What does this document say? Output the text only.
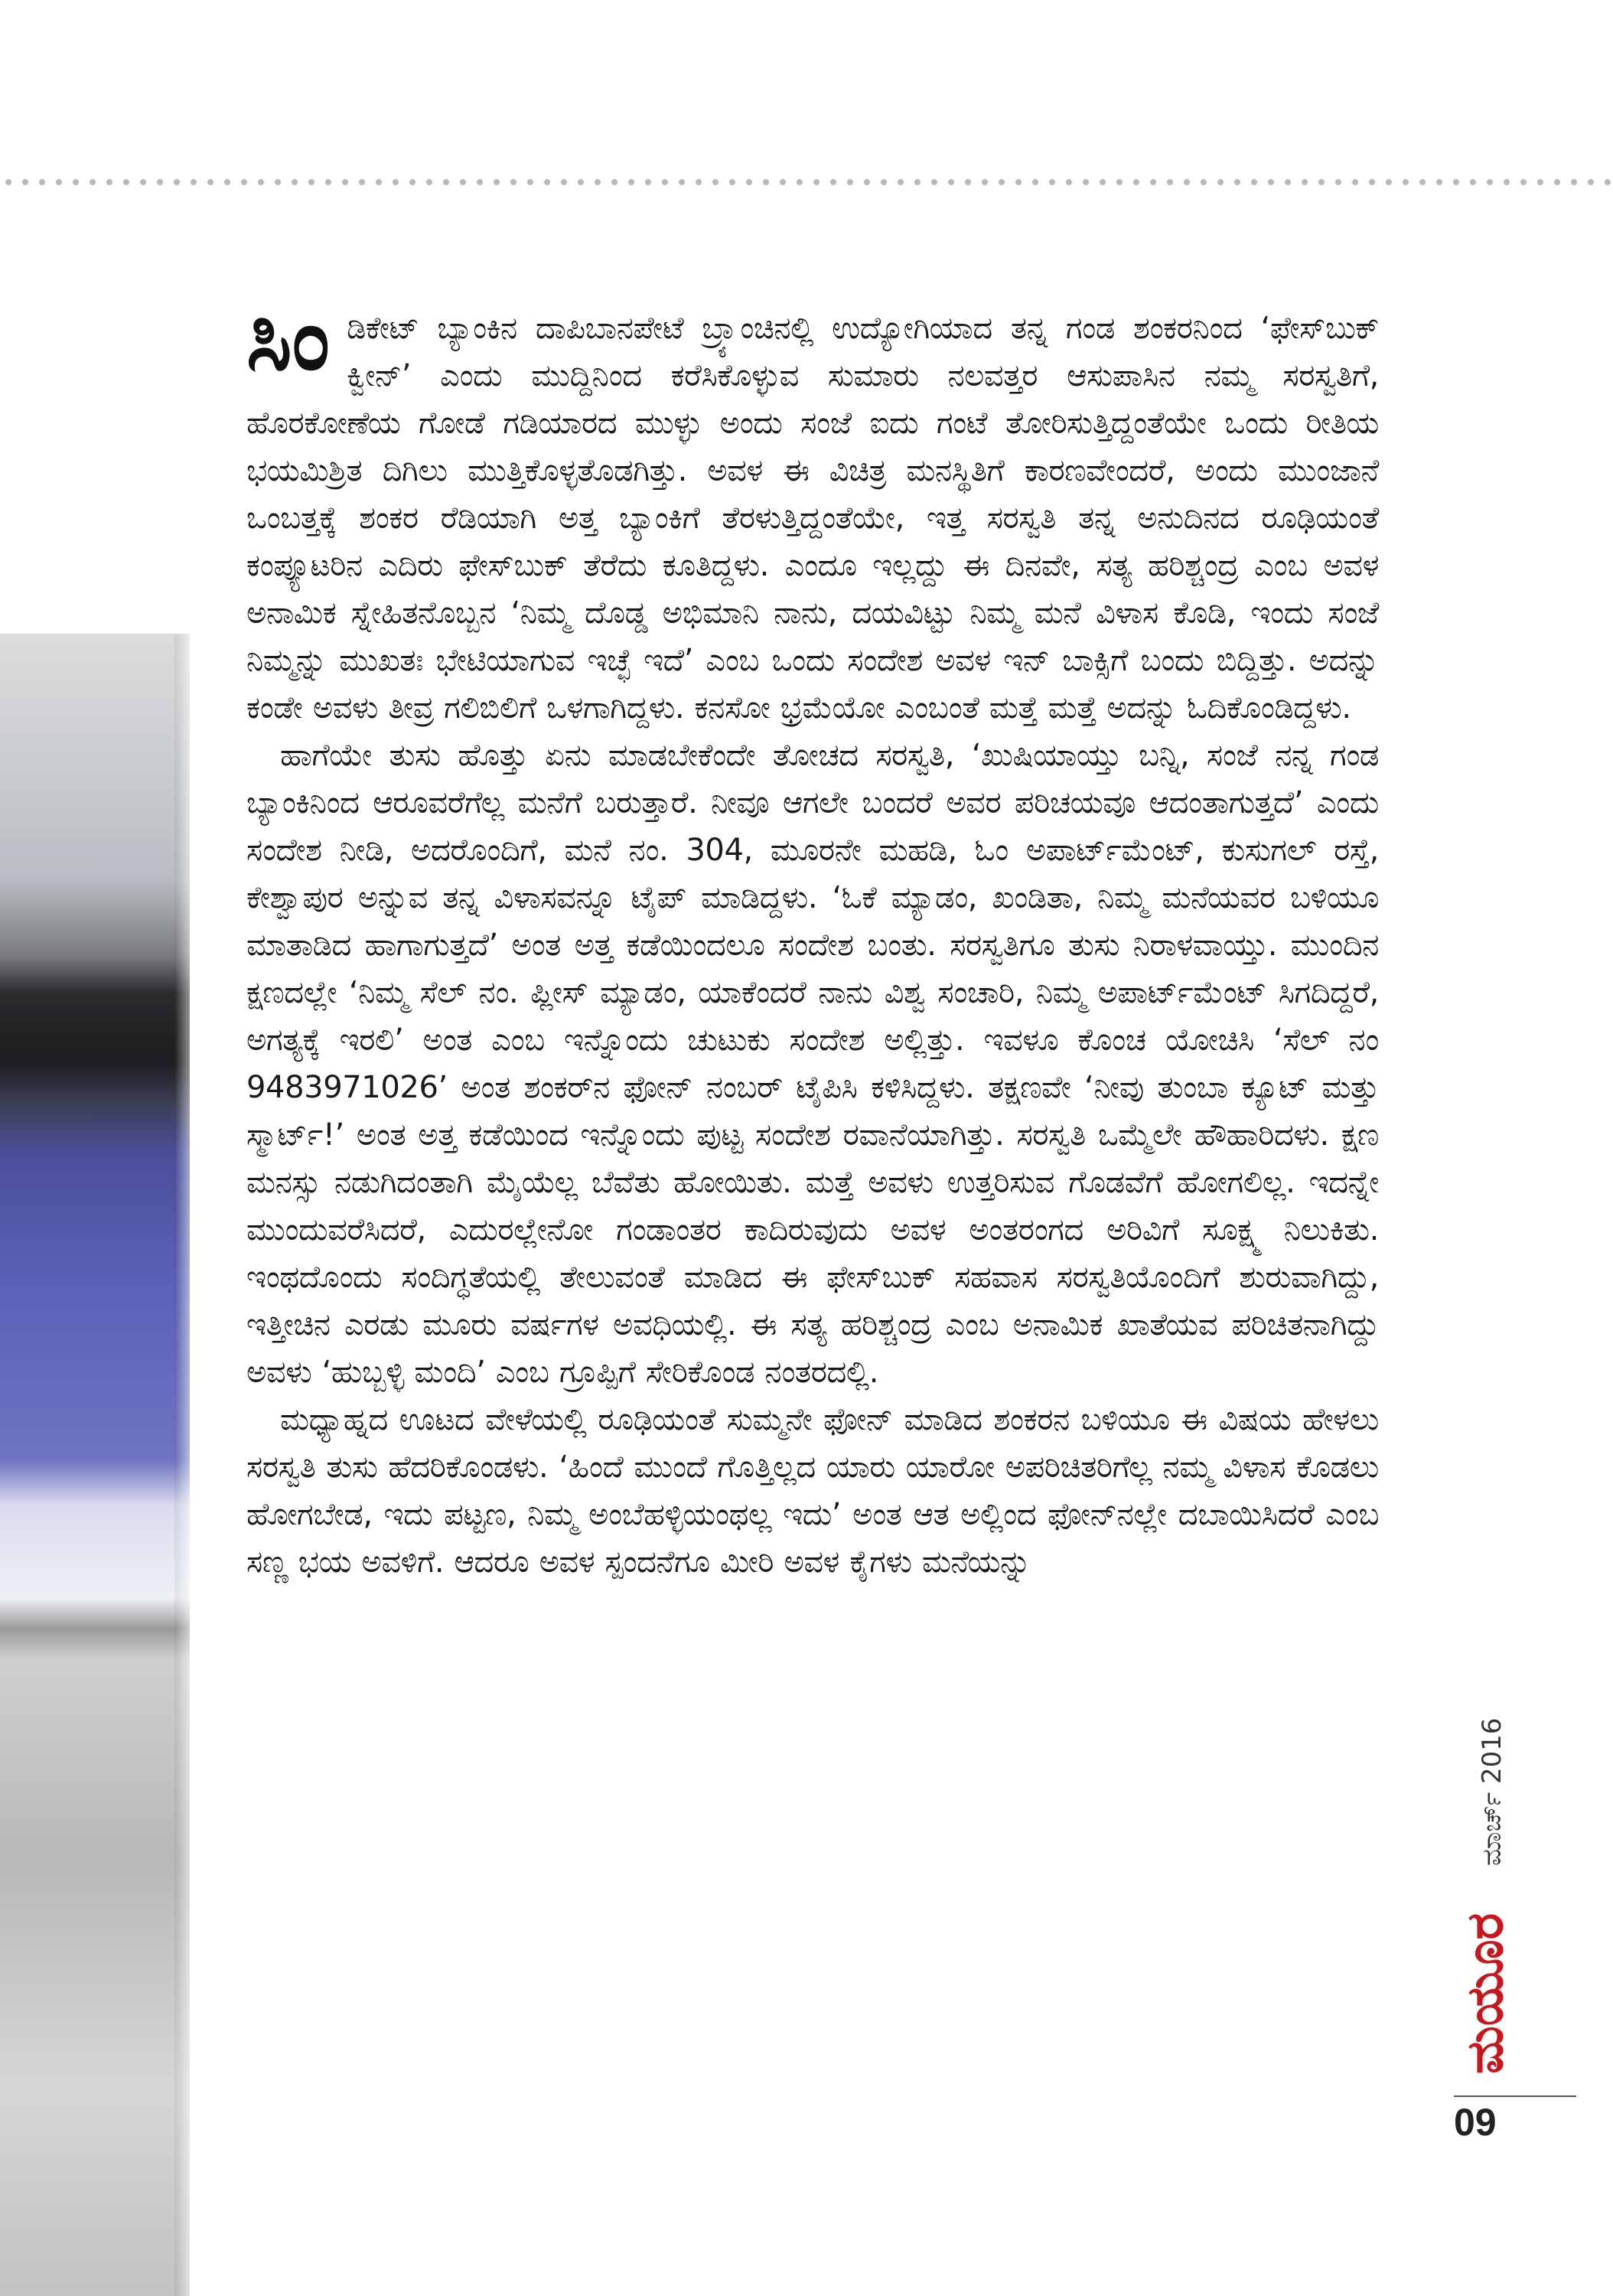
ಸಿಂ ಡಿಕೇಟ್ ಬ್ಯಾಂಕಿನ ದಾಪಿಬಾನಪೇಟೆ ಬ್ರ್ಯಾಂಚಿನಲ್ಲಿ ಉದ್ಯೋಗಿಯಾದ ತನ್ನ ಗಂಡ ಶಂಕರನಿಂದ ‘ಫೇಸ್‌ಬುಕ್ ಕ್ವೀನ್’ ಎಂದು ಮುದ್ದಿನಿಂದ ಕರೆಸಿಕೊಳ್ಳುವ ಸುಮಾರು ನಲವತ್ತರ ಆಸುಪಾಸಿನ ನಮ್ಮ ಸರಸ್ವತಿಗೆ, ಹೊರಕೋಣೆಯ ಗೋಡೆ ಗಡಿಯಾರದ ಮುಳ್ಳು ಅಂದು ಸಂಜೆ ಐದು ಗಂಟೆ ತೋರಿಸುತ್ತಿದ್ದಂತೆಯೇ ಒಂದು ರೀತಿಯ ಭಯಮಿಶ್ರಿತ ದಿಗಿಲು ಮುತ್ತಿಕೊಳ್ಳತೊಡಗಿತ್ತು. ಅವಳ ಈ ವಿಚಿತ್ರ ಮನಸ್ಥಿತಿಗೆ ಕಾರಣವೇಂದರೆ, ಅಂದು ಮುಂಜಾನೆ ಒಂಬತ್ತಕ್ಕೆ ಶಂಕರ ರೆಡಿಯಾಗಿ ಅತ್ತ ಬ್ಯಾಂಕಿಗೆ ತೆರಳುತ್ತಿದ್ದಂತೆಯೇ, ಇತ್ತ ಸರಸ್ವತಿ ತನ್ನ ಅನುದಿನದ ರೂಢಿಯಂತೆ ಕಂಪ್ಯೂಟರಿನ ಎದಿರು ಫೇಸ್‌ಬುಕ್ ತೆರೆದು ಕೂತಿದ್ದಳು. ಎಂದೂ ಇಲ್ಲದ್ದು ಈ ದಿನವೇ, ಸತ್ಯ ಹರಿಶ್ಚಂದ್ರ ಎಂಬ ಅವಳ ಅನಾಮಿಕ ಸ್ನೇಹಿತನೊಬ್ಬನ ‘ನಿಮ್ಮ ದೊಡ್ಡ ಅಭಿಮಾನಿ ನಾನು, ದಯವಿಟ್ಟು ನಿಮ್ಮ ಮನೆ ವಿಳಾಸ ಕೊಡಿ, ಇಂದು ಸಂಜೆ ನಿಮ್ಮನ್ನು ಮುಖತಃ ಭೇಟಿಯಾಗುವ ಇಚ್ಛೆ ಇದೆ’ ಎಂಬ ಒಂದು ಸಂದೇಶ ಅವಳ ಇನ್ ಬಾಕ್ಸಿಗೆ ಬಂದು ಬಿದ್ದಿತ್ತು. ಅದನ್ನು ಕಂಡೇ ಅವಳು ತೀವ್ರ ಗಲಿಬಿಲಿಗೆ ಒಳಗಾಗಿದ್ದಳು. ಕನಸೋ ಭ್ರಮೆಯೋ ಎಂಬಂತೆ ಮತ್ತೆ ಮತ್ತೆ ಅದನ್ನು ಓದಿಕೊಂಡಿದ್ದಳು.

ಹಾಗೆಯೇ ತುಸು ಹೊತ್ತು ಏನು ಮಾಡಬೇಕೆಂದೇ ತೋಚದ ಸರಸ್ವತಿ, ‘ಖುಷಿಯಾಯ್ತು ಬನ್ನಿ, ಸಂಜೆ ನನ್ನ ಗಂಡ ಬ್ಯಾಂಕಿನಿಂದ ಆರೂವರೆಗೆಲ್ಲ ಮನೆಗೆ ಬರುತ್ತಾರೆ. ನೀವೂ ಆಗಲೇ ಬಂದರೆ ಅವರ ಪರಿಚಯವೂ ಆದಂತಾಗುತ್ತದೆ’ ಎಂದು ಸಂದೇಶ ನೀಡಿ, ಅದರೊಂದಿಗೆ, ಮನೆ ನಂ. 304, ಮೂರನೇ ಮಹಡಿ, ಓಂ ಅಪಾರ್ಟ್‌ಮೆಂಟ್, ಕುಸುಗಲ್ ರಸ್ತೆ, ಕೇಶ್ವಾಪುರ ಅನ್ನುವ ತನ್ನ ವಿಳಾಸವನ್ನೂ ಟೈಪ್ ಮಾಡಿದ್ದಳು. ‘ಓಕೆ ಮ್ಯಾಡಂ, ಖಂಡಿತಾ, ನಿಮ್ಮ ಮನೆಯವರ ಬಳಿಯೂ ಮಾತಾಡಿದ ಹಾಗಾಗುತ್ತದೆ’ ಅಂತ ಅತ್ತ ಕಡೆಯಿಂದಲೂ ಸಂದೇಶ ಬಂತು. ಸರಸ್ವತಿಗೂ ತುಸು ನಿರಾಳವಾಯ್ತು. ಮುಂದಿನ ಕ್ಷಣದಲ್ಲೇ ‘ನಿಮ್ಮ ಸೆಲ್ ನಂ. ಪ್ಲೀಸ್ ಮ್ಯಾಡಂ, ಯಾಕೆಂದರೆ ನಾನು ವಿಶ್ವ ಸಂಚಾರಿ, ನಿಮ್ಮ ಅಪಾರ್ಟ್‌ಮೆಂಟ್ ಸಿಗದಿದ್ದರೆ, ಅಗತ್ಯಕ್ಕೆ ಇರಲಿ’ ಅಂತ ಎಂಬ ಇನ್ನೊಂದು ಚುಟುಕು ಸಂದೇಶ ಅಲ್ಲಿತ್ತು. ಇವಳೂ ಕೊಂಚ ಯೋಚಿಸಿ ‘ಸೆಲ್ ನಂ 9483971026’ ಅಂತ ಶಂಕರ್‌ನ ಫೋನ್ ನಂಬರ್ ಟೈಪಿಸಿ ಕಳಿಸಿದ್ದಳು. ತಕ್ಷಣವೇ ‘ನೀವು ತುಂಬಾ ಕ್ಯೂಟ್ ಮತ್ತು ಸ್ಮಾರ್ಟ್!’ ಅಂತ ಅತ್ತ ಕಡೆಯಿಂದ ಇನ್ನೊಂದು ಪುಟ್ಟ ಸಂದೇಶ ರವಾನೆಯಾಗಿತ್ತು. ಸರಸ್ವತಿ ಒಮ್ಮೆಲೇ ಹೌಹಾರಿದಳು. ಕ್ಷಣ ಮನಸ್ಸು ನಡುಗಿದಂತಾಗಿ ಮೈಯೆಲ್ಲ ಬೆವೆತು ಹೋಯಿತು. ಮತ್ತೆ ಅವಳು ಉತ್ತರಿಸುವ ಗೊಡವೆಗೆ ಹೋಗಲಿಲ್ಲ. ಇದನ್ನೇ ಮುಂದುವರೆಸಿದರೆ, ಎದುರಲ್ಲೇನೋ ಗಂಡಾಂತರ ಕಾದಿರುವುದು ಅವಳ ಅಂತರಂಗದ ಅರಿವಿಗೆ ಸೂಕ್ಷ್ಮ ನಿಲುಕಿತು. ಇಂಥದೊಂದು ಸಂದಿಗ್ಧತೆಯಲ್ಲಿ ತೇಲುವಂತೆ ಮಾಡಿದ ಈ ಫೇಸ್‌ಬುಕ್ ಸಹವಾಸ ಸರಸ್ವತಿಯೊಂದಿಗೆ ಶುರುವಾಗಿದ್ದು, ಇತ್ತೀಚಿನ ಎರಡು ಮೂರು ವರ್ಷಗಳ ಅವಧಿಯಲ್ಲಿ. ಈ ಸತ್ಯ ಹರಿಶ್ಚಂದ್ರ ಎಂಬ ಅನಾಮಿಕ ಖಾತೆಯವ ಪರಿಚಿತನಾಗಿದ್ದು ಅವಳು ‘ಹುಬ್ಬಳ್ಳಿ ಮಂದಿ’ ಎಂಬ ಗ್ರೂಪ್ಪಿಗೆ ಸೇರಿಕೊಂಡ ನಂತರದಲ್ಲಿ.

ಮಧ್ಯಾಹ್ನದ ಊಟದ ವೇಳೆಯಲ್ಲಿ ರೂಢಿಯಂತೆ ಸುಮ್ಮನೇ ಫೋನ್ ಮಾಡಿದ ಶಂಕರನ ಬಳಿಯೂ ಈ ವಿಷಯ ಹೇಳಲು ಸರಸ್ವತಿ ತುಸು ಹೆದರಿಕೊಂಡಳು. ‘ಹಿಂದೆ ಮುಂದೆ ಗೊತ್ತಿಲ್ಲದ ಯಾರು ಯಾರೋ ಅಪರಿಚಿತರಿಗೆಲ್ಲ ನಮ್ಮ ವಿಳಾಸ ಕೊಡಲು ಹೋಗಬೇಡ, ಇದು ಪಟ್ಟಣ, ನಿಮ್ಮ ಅಂಬೆಹಳ್ಳಿಯಂಥಲ್ಲ ಇದು’ ಅಂತ ಆತ ಅಲ್ಲಿಂದ ಫೋನ್‌ನಲ್ಲೇ ದಬಾಯಿಸಿದರೆ ಎಂಬ ಸಣ್ಣ ಭಯ ಅವಳಿಗೆ. ಆದರೂ ಅವಳ ಸ್ಪಂದನೆಗೂ ಮೀರಿ ಅವಳ ಕೈಗಳು ಮನೆಯನ್ನು

ಮಾರ್ಚ್ 2016
ಮಯೂರ
09
